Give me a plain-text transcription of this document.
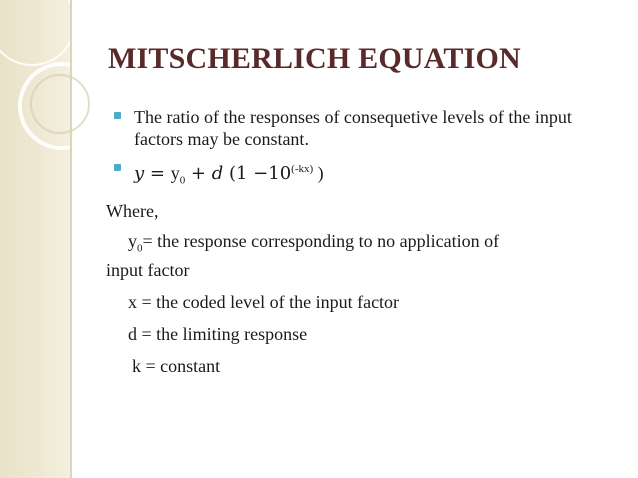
MITSCHERLICH EQUATION
The ratio of the responses of consequetive levels of the input factors may be constant.
$y = y_0 + d$ ($1 -10^{(-kx)}$ )

Where,

$y_0=$ the response corresponding to no application of

input factor

x = the coded level of the input factor

d = the limiting response

k = constant
